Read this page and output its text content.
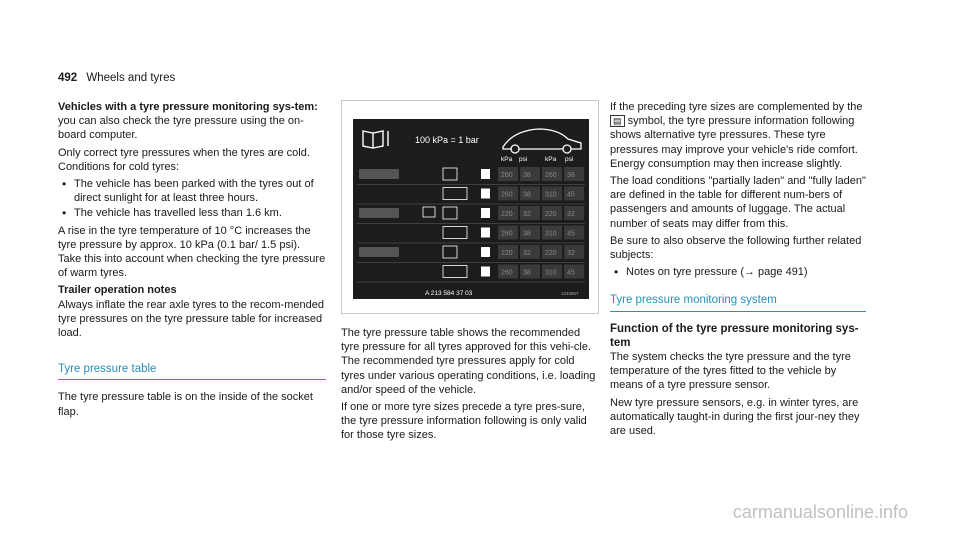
492 Wheels and tyres

Vehicles with a tyre pressure monitoring sys-tem: you can also check the tyre pressure using the on-board computer.

Only correct tyre pressures when the tyres are cold. Conditions for cold tyres:

• The vehicle has been parked with the tyres out of direct sunlight for at least three hours.
• The vehicle has travelled less than 1.6 km.

A rise in the tyre temperature of 10 °C increases the tyre pressure by approx. 10 kPa (0.1 bar/ 1.5 psi). Take this into account when checking the tyre pressure of warm tyres.

Trailer operation notes

Always inflate the rear axle tyres to the recom-mended tyre pressures on the tyre pressure table for increased load.

Tyre pressure table

The tyre pressure table is on the inside of the socket flap.

100 kPa = 1 bar
kPa psi	kPa psi
260 38 260 38
260 38 310 45
220 32 220 32
260 38 310 45
220 32 220 32
260 38 310 45
A 213 584 37 03	1234567

The tyre pressure table shows the recommended tyre pressure for all tyres approved for this vehi-cle. The recommended tyre pressures apply for cold tyres under various operating conditions, i.e. loading and/or speed of the vehicle.

If one or more tyre sizes precede a tyre pres-sure, the tyre pressure information following is only valid for those tyre sizes.

If the preceding tyre sizes are complemented by the ▤ symbol, the tyre pressure information following shows alternative tyre pressures. These tyre pressures may improve your vehicle's ride comfort. Energy consumption may then increase slightly.

The load conditions "partially laden" and "fully laden" are defined in the table for different num-bers of passengers and amounts of luggage. The actual number of seats may differ from this.

Be sure to also observe the following further related subjects:

• Notes on tyre pressure (→ page 491)
Tyre pressure monitoring system

Function of the tyre pressure monitoring sys-tem

The system checks the tyre pressure and the tyre temperature of the tyres fitted to the vehicle by means of a tyre pressure sensor.

New tyre pressure sensors, e.g. in winter tyres, are automatically taught-in during the first jour-ney they are used.

carmanualsonline.info
